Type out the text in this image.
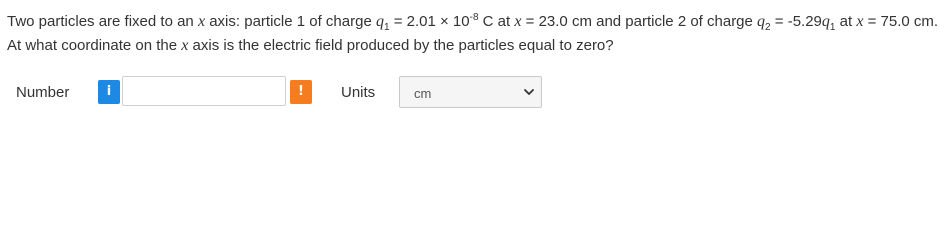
Two particles are fixed to an x axis: particle 1 of charge $q_1 = 2.01 \times 10^{-8}$ C at x = 23.0 cm and particle 2 of charge $q_2 = -5.29q_1$ at x = 75.0 cm. At what coordinate on the x axis is the electric field produced by the particles equal to zero?
Number	i	!	Units	cm
